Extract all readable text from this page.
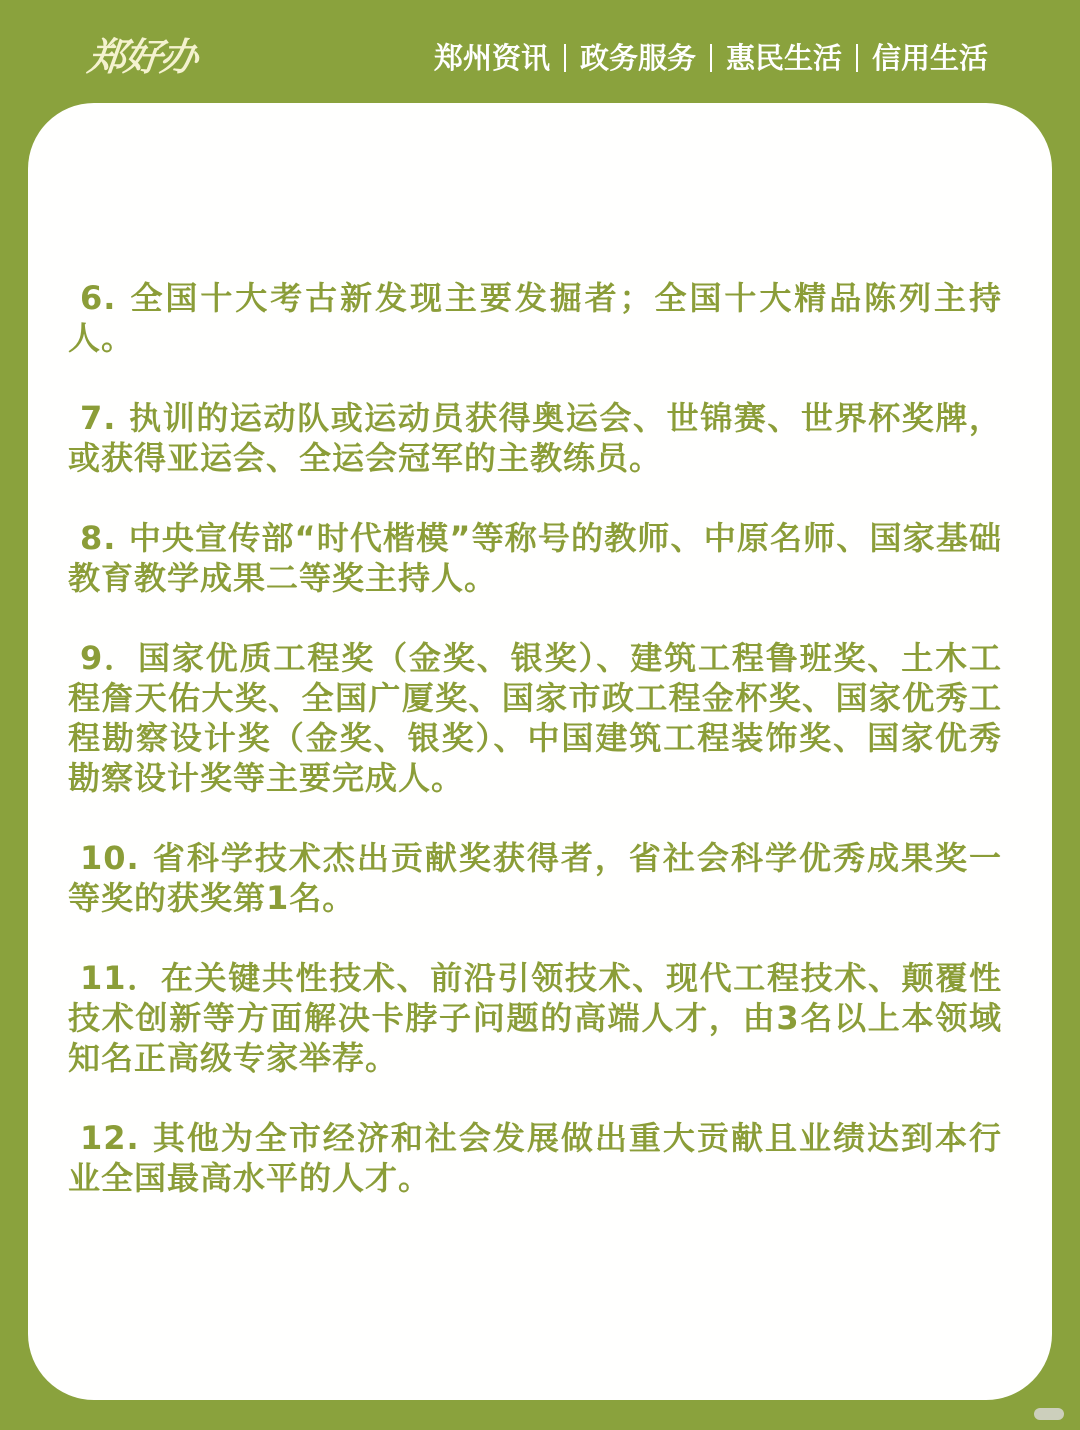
郑好办	郑州资讯 政务服务 惠民生活 信用生活

6. 全国十大考古新发现主要发掘者；全国十大精品陈列主持人。

7. 执训的运动队或运动员获得奥运会、世锦赛、世界杯奖牌，或获得亚运会、全运会冠军的主教练员。

8. 中央宣传部“时代楷模”等称号的教师、中原名师、国家基础教育教学成果二等奖主持人。

9．国家优质工程奖（金奖、银奖）、建筑工程鲁班奖、土木工程詹天佑大奖、全国广厦奖、国家市政工程金杯奖、国家优秀工程勘察设计奖（金奖、银奖）、中国建筑工程装饰奖、国家优秀勘察设计奖等主要完成人。

10. 省科学技术杰出贡献奖获得者，省社会科学优秀成果奖一等奖的获奖第1名。

11．在关键共性技术、前沿引领技术、现代工程技术、颠覆性技术创新等方面解决卡脖子问题的高端人才，由3名以上本领域知名正高级专家举荐。

12. 其他为全市经济和社会发展做出重大贡献且业绩达到本行业全国最高水平的人才。
